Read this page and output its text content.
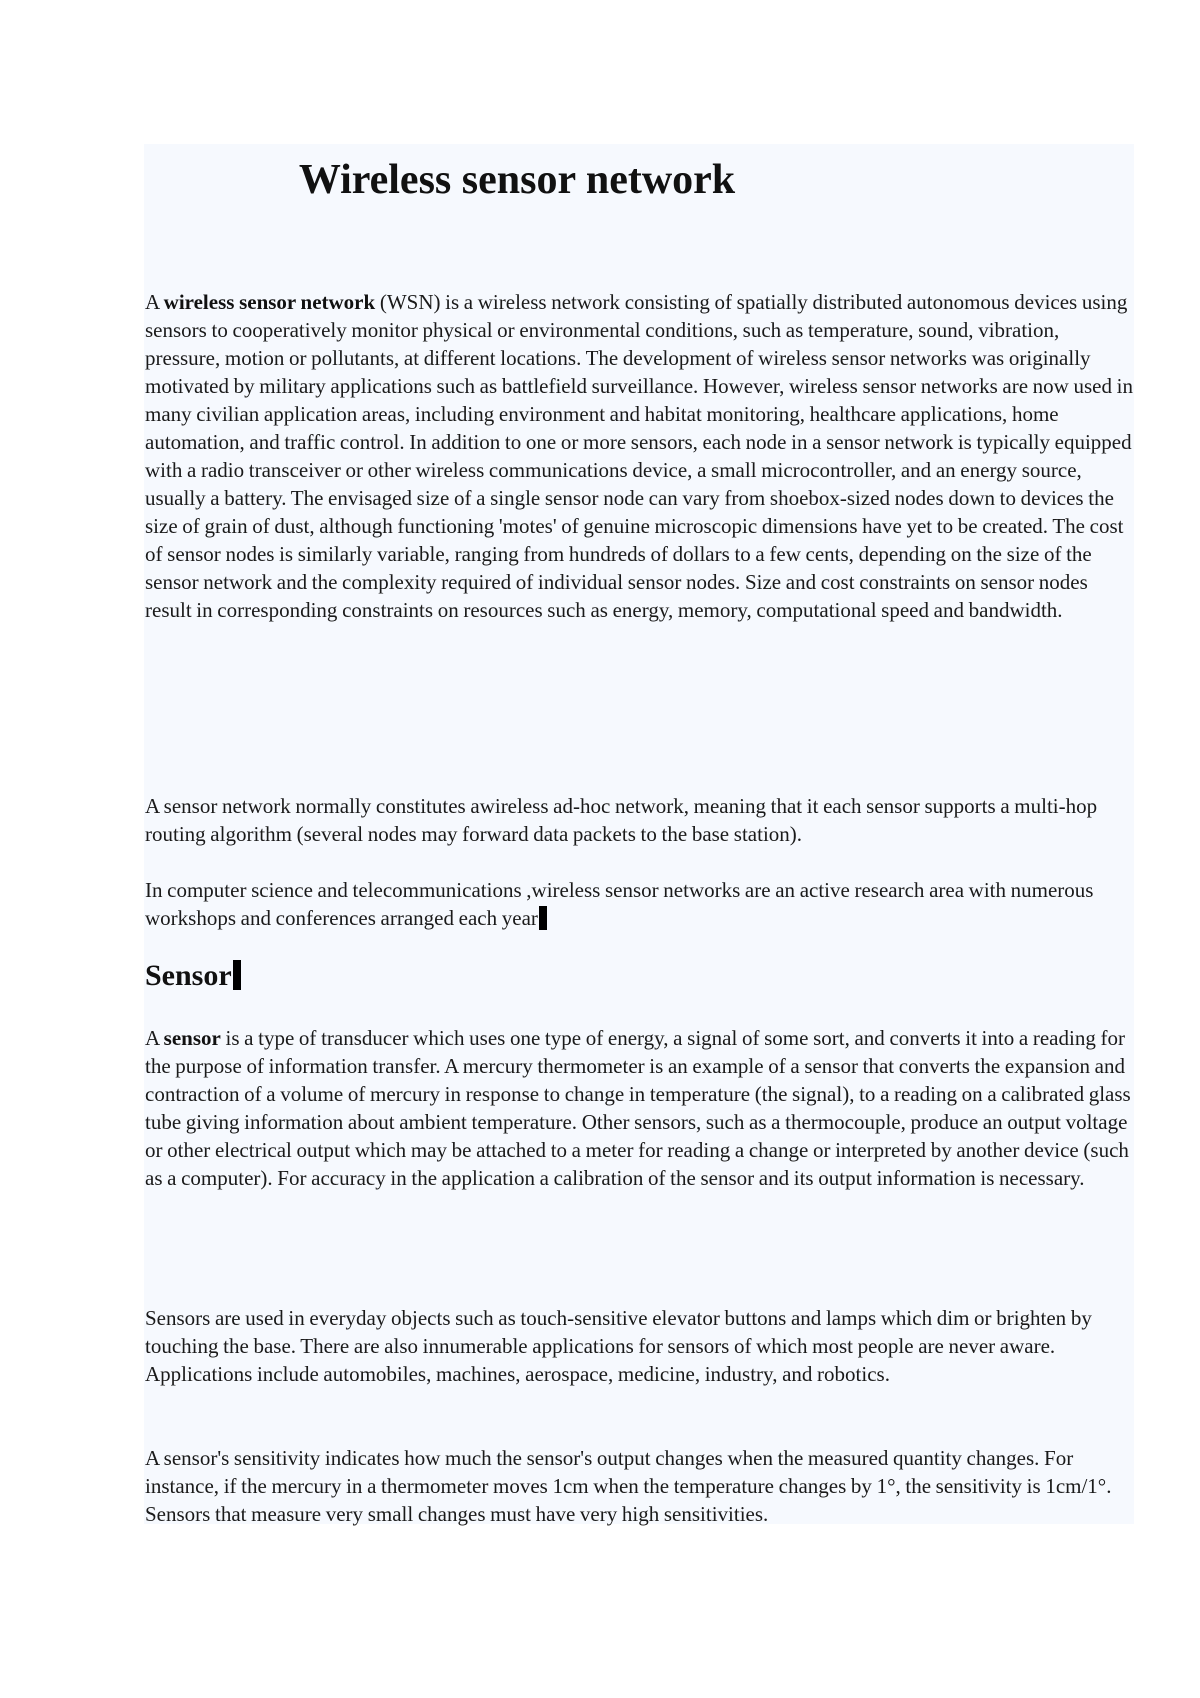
Wireless sensor network

A wireless sensor network (WSN) is a wireless network consisting of spatially distributed autonomous devices using sensors to cooperatively monitor physical or environmental conditions, such as temperature, sound, vibration, pressure, motion or pollutants, at different locations. The development of wireless sensor networks was originally motivated by military applications such as battlefield surveillance. However, wireless sensor networks are now used in many civilian application areas, including environment and habitat monitoring, healthcare applications, home automation, and traffic control. In addition to one or more sensors, each node in a sensor network is typically equipped with a radio transceiver or other wireless communications device, a small microcontroller, and an energy source, usually a battery. The envisaged size of a single sensor node can vary from shoebox-sized nodes down to devices the size of grain of dust, although functioning 'motes' of genuine microscopic dimensions have yet to be created. The cost of sensor nodes is similarly variable, ranging from hundreds of dollars to a few cents, depending on the size of the sensor network and the complexity required of individual sensor nodes. Size and cost constraints on sensor nodes result in corresponding constraints on resources such as energy, memory, computational speed and bandwidth.

A sensor network normally constitutes awireless ad-hoc network, meaning that it each sensor supports a multi-hop routing algorithm (several nodes may forward data packets to the base station).

In computer science and telecommunications ,wireless sensor networks are an active research area with numerous workshops and conferences arranged each year

Sensor

A sensor is a type of transducer which uses one type of energy, a signal of some sort, and converts it into a reading for the purpose of information transfer. A mercury thermometer is an example of a sensor that converts the expansion and contraction of a volume of mercury in response to change in temperature (the signal), to a reading on a calibrated glass tube giving information about ambient temperature. Other sensors, such as a thermocouple, produce an output voltage or other electrical output which may be attached to a meter for reading a change or interpreted by another device (such as a computer). For accuracy in the application a calibration of the sensor and its output information is necessary.

Sensors are used in everyday objects such as touch-sensitive elevator buttons and lamps which dim or brighten by touching the base. There are also innumerable applications for sensors of which most people are never aware. Applications include automobiles, machines, aerospace, medicine, industry, and robotics.

A sensor's sensitivity indicates how much the sensor's output changes when the measured quantity changes. For instance, if the mercury in a thermometer moves 1cm when the temperature changes by 1°, the sensitivity is 1cm/1°. Sensors that measure very small changes must have very high sensitivities.
